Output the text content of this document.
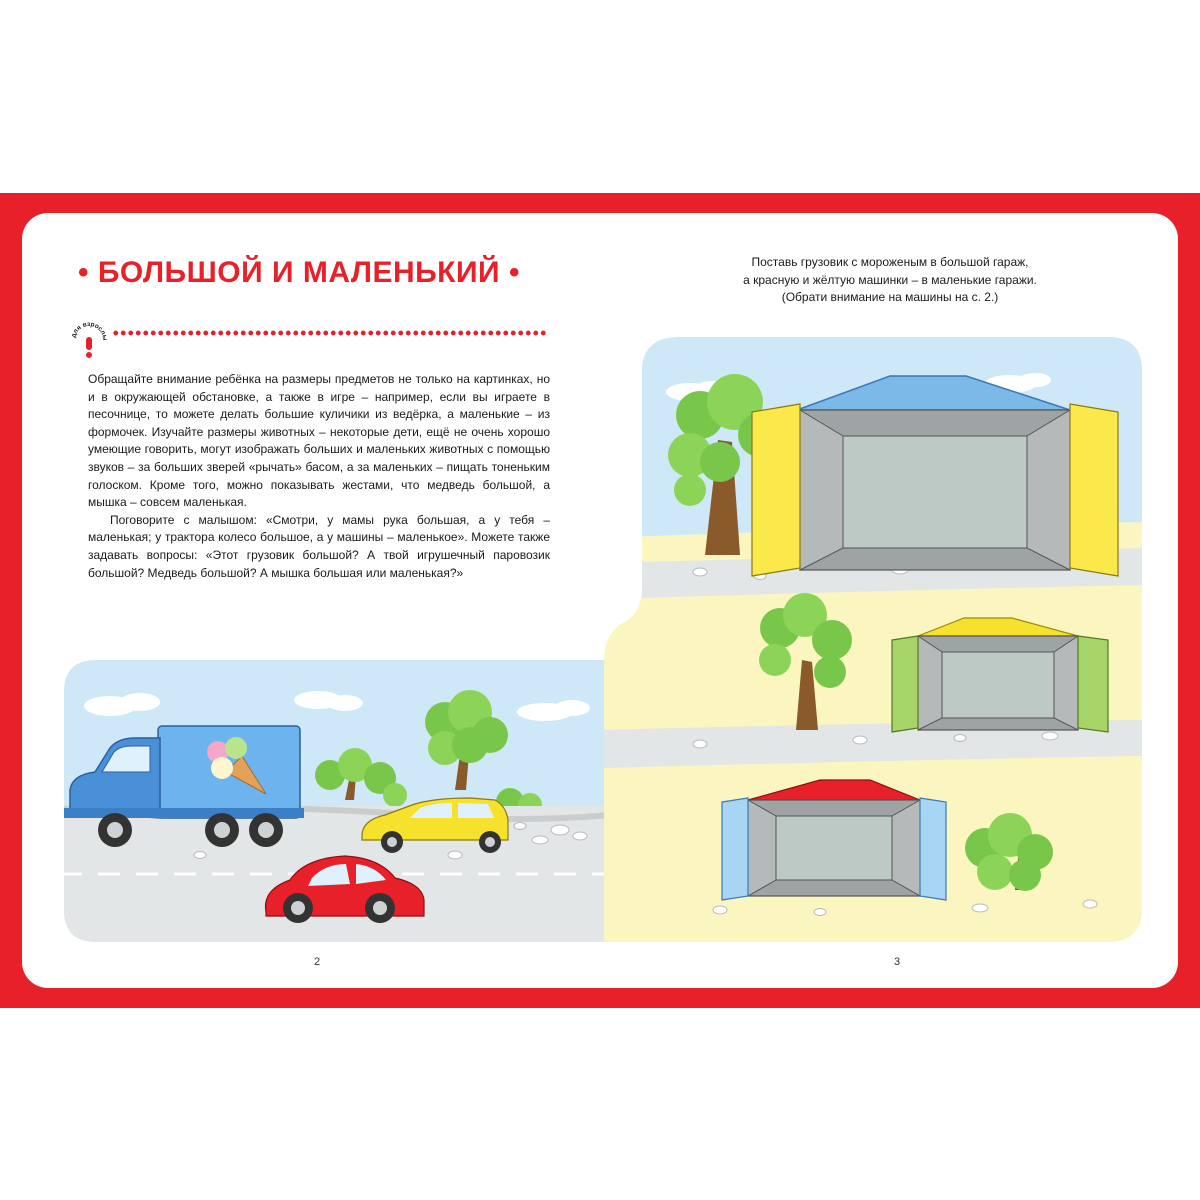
• БОЛЬШОЙ И МАЛЕНЬКИЙ •
для взрослы

Обращайте внимание ребёнка на размеры предметов не только на картинках, но и в окружающей обстановке, а также в игре – например, если вы играете в песочнице, то можете делать большие куличики из ведёрка, а маленькие – из формочек. Изучайте размеры животных – некоторые дети, ещё не очень хорошо умеющие говорить, могут изображать больших и маленьких животных с помощью звуков – за больших зверей «рычать» басом, а за маленьких – пищать тоненьким голоском. Кроме того, можно показывать жестами, что медведь большой, а мышка – совсем маленькая.

Поговорите с малышом: «Смотри, у мамы рука большая, а у тебя – маленькая; у трактора колесо большое, а у машины – маленькое». Можете также задавать вопросы: «Этот грузовик большой? А твой игрушечный паровозик большой? Медведь большой? А мышка большая или маленькая?»

Поставь грузовик с мороженым в большой гараж,
а красную и жёлтую машинки – в маленькие гаражи.
(Обрати внимание на машины на с. 2.)
2	3
